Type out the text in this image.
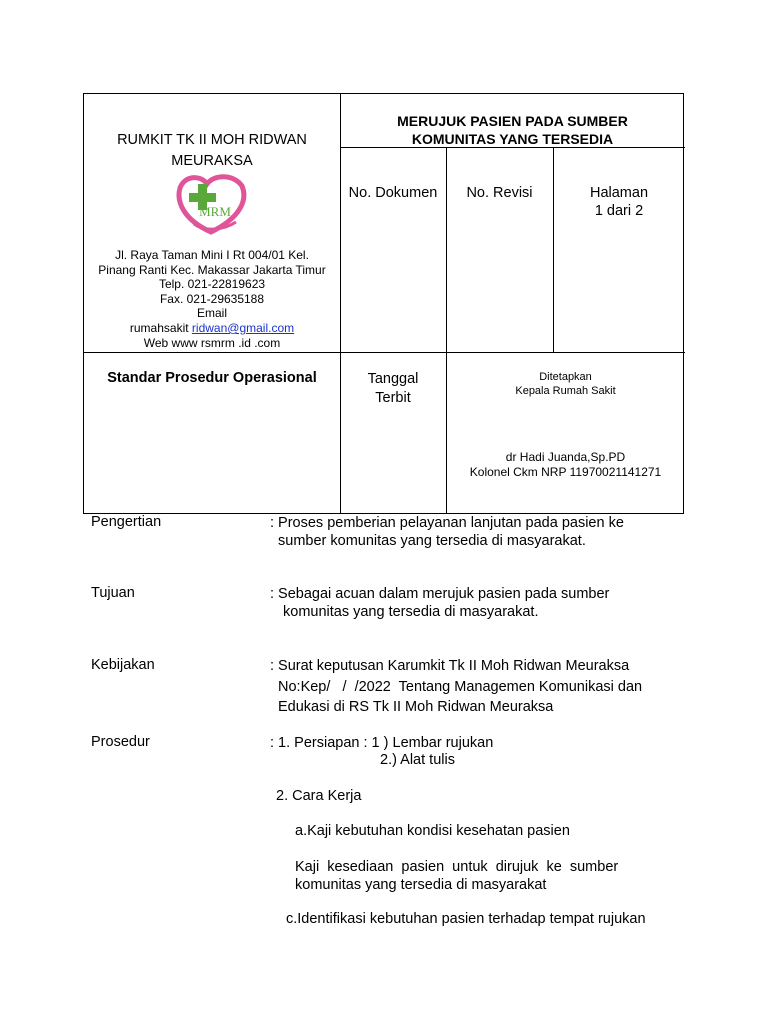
RUMKIT TK II MOH RIDWAN
MEURAKSA
MRM
Jl. Raya Taman Mini I Rt 004/01 Kel.
Pinang Ranti Kec. Makassar Jakarta Timur
Telp. 021-22819623
Fax. 021-29635188
Email
rumahsakit ridwan@gmail.com
Web www rsmrm .id .com
MERUJUK PASIEN PADA SUMBER
KOMUNITAS YANG TERSEDIA
No. Dokumen	No. Revisi	Halaman
1 dari 2
Standar Prosedur Operasional	Tanggal
Terbit
Ditetapkan
Kepala Rumah Sakit
dr Hadi Juanda,Sp.PD
Kolonel Ckm NRP 11970021141271
Pengertian	: Proses pemberian pelayanan lanjutan pada pasien ke
sumber komunitas yang tersedia di masyarakat.
Tujuan	: Sebagai acuan dalam merujuk pasien pada sumber
komunitas yang tersedia di masyarakat.
Kebijakan	: Surat keputusan Karumkit Tk II Moh Ridwan Meuraksa
No:Kep/   /  /2022  Tentang Managemen Komunikasi dan
Edukasi di RS Tk II Moh Ridwan Meuraksa
Prosedur	: 1. Persiapan : 1 ) Lembar rujukan
2.) Alat tulis
2. Cara Kerja
a.Kaji kebutuhan kondisi kesehatan pasien
Kaji  kesediaan  pasien  untuk  dirujuk  ke  sumber
komunitas yang tersedia di masyarakat
c.Identifikasi kebutuhan pasien terhadap tempat rujukan
